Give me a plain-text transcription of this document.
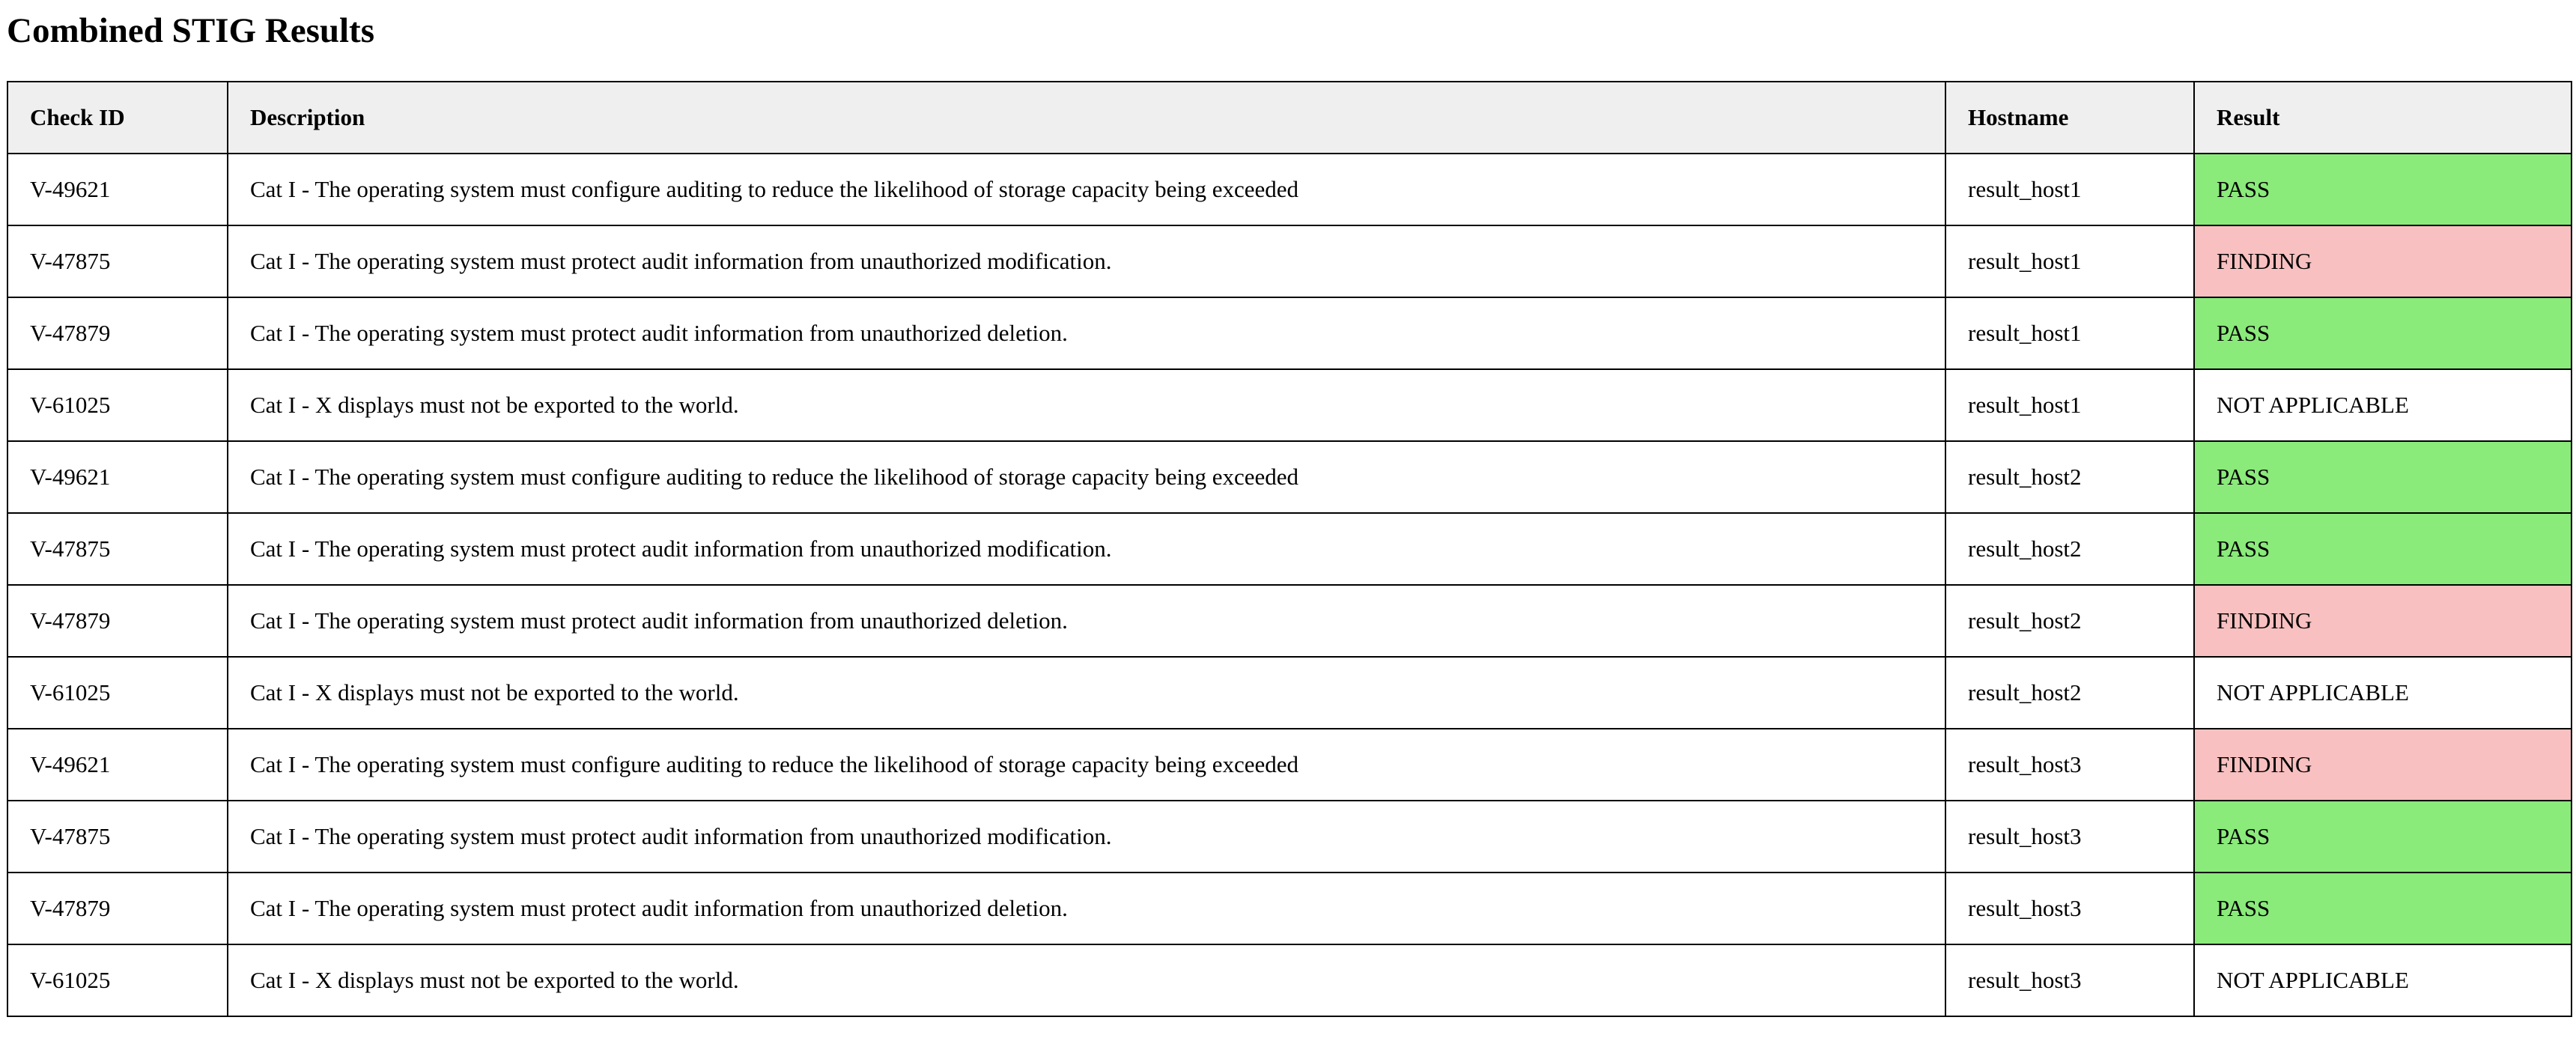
Combined STIG Results
Check ID	Description	Hostname	Result
V-49621	Cat I - The operating system must configure auditing to reduce the likelihood of storage capacity being exceeded	result_host1	PASS
V-47875	Cat I - The operating system must protect audit information from unauthorized modification.	result_host1	FINDING
V-47879	Cat I - The operating system must protect audit information from unauthorized deletion.	result_host1	PASS
V-61025	Cat I - X displays must not be exported to the world.	result_host1	NOT APPLICABLE
V-49621	Cat I - The operating system must configure auditing to reduce the likelihood of storage capacity being exceeded	result_host2	PASS
V-47875	Cat I - The operating system must protect audit information from unauthorized modification.	result_host2	PASS
V-47879	Cat I - The operating system must protect audit information from unauthorized deletion.	result_host2	FINDING
V-61025	Cat I - X displays must not be exported to the world.	result_host2	NOT APPLICABLE
V-49621	Cat I - The operating system must configure auditing to reduce the likelihood of storage capacity being exceeded	result_host3	FINDING
V-47875	Cat I - The operating system must protect audit information from unauthorized modification.	result_host3	PASS
V-47879	Cat I - The operating system must protect audit information from unauthorized deletion.	result_host3	PASS
V-61025	Cat I - X displays must not be exported to the world.	result_host3	NOT APPLICABLE
